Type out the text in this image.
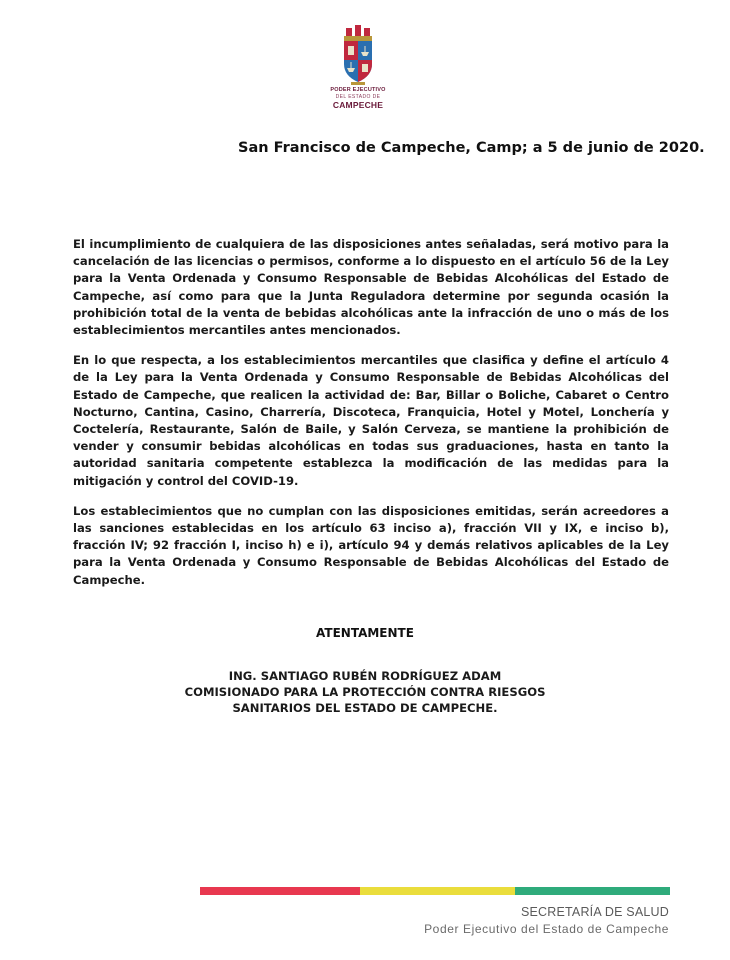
PODER EJECUTIVO
DEL ESTADO DE
CAMPECHE
San Francisco de Campeche, Camp; a 5 de junio de 2020.

El incumplimiento de cualquiera de las disposiciones antes señaladas, será motivo para la cancelación de las licencias o permisos, conforme a lo dispuesto en el artículo 56 de la Ley para la Venta Ordenada y Consumo Responsable de Bebidas Alcohólicas del Estado de Campeche, así como para que la Junta Reguladora determine por segunda ocasión la prohibición total de la venta de bebidas alcohólicas ante la infracción de uno o más de los establecimientos mercantiles antes mencionados.

En lo que respecta, a los establecimientos mercantiles que clasifica y define el artículo 4 de la Ley para la Venta Ordenada y Consumo Responsable de Bebidas Alcohólicas del Estado de Campeche, que realicen la actividad de: Bar, Billar o Boliche, Cabaret o Centro Nocturno, Cantina, Casino, Charrería, Discoteca, Franquicia, Hotel y Motel, Lonchería y Coctelería, Restaurante, Salón de Baile, y Salón Cerveza, se mantiene la prohibición de vender y consumir bebidas alcohólicas en todas sus graduaciones, hasta en tanto la autoridad sanitaria competente establezca la modificación de las medidas para la mitigación y control del COVID-19.

Los establecimientos que no cumplan con las disposiciones emitidas, serán acreedores a las sanciones establecidas en los artículo 63 inciso a), fracción VII y IX, e inciso b), fracción IV; 92 fracción I, inciso h) e i), artículo 94 y demás relativos aplicables de la Ley para la Venta Ordenada y Consumo Responsable de Bebidas Alcohólicas del Estado de Campeche.

ATENTAMENTE
ING. SANTIAGO RUBÉN RODRÍGUEZ ADAM
COMISIONADO PARA LA PROTECCIÓN CONTRA RIESGOS
SANITARIOS DEL ESTADO DE CAMPECHE.
SECRETARÍA DE SALUD
Poder Ejecutivo del Estado de Campeche
